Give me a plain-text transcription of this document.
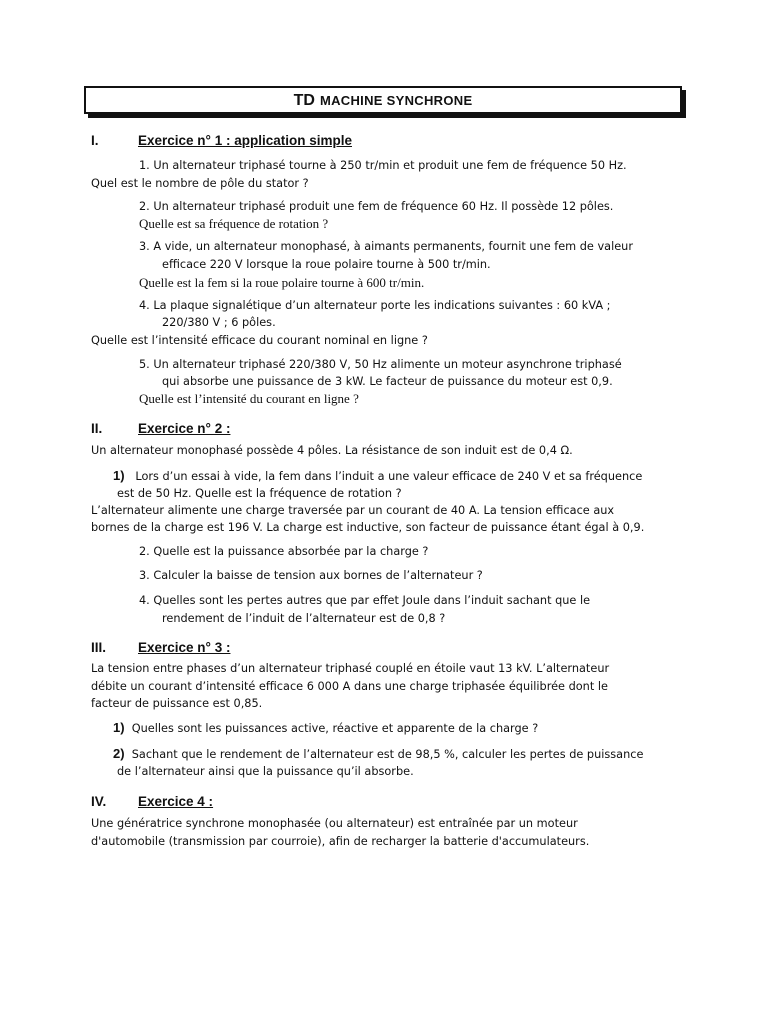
TD MACHINE SYNCHRONE
I.	Exercice n° 1 : application simple
1. Un alternateur triphasé tourne à 250 tr/min et produit une fem de fréquence 50 Hz.
Quel est le nombre de pôle du stator ?
2. Un alternateur triphasé produit une fem de fréquence 60 Hz. Il possède 12 pôles.
Quelle est sa fréquence de rotation ?
3. A vide, un alternateur monophasé, à aimants permanents, fournit une fem de valeur
efficace 220 V lorsque la roue polaire tourne à 500 tr/min.
Quelle est la fem si la roue polaire tourne à 600 tr/min.
4. La plaque signalétique d’un alternateur porte les indications suivantes : 60 kVA ;
220/380 V ; 6 pôles.
Quelle est l’intensité efficace du courant nominal en ligne ?
5. Un alternateur triphasé 220/380 V, 50 Hz alimente un moteur asynchrone triphasé
qui absorbe une puissance de 3 kW. Le facteur de puissance du moteur est 0,9.
Quelle est l’intensité du courant en ligne ?
II.	Exercice n° 2 :
Un alternateur monophasé possède 4 pôles. La résistance de son induit est de 0,4 Ω.
1) Lors d’un essai à vide, la fem dans l’induit a une valeur efficace de 240 V et sa fréquence
est de 50 Hz. Quelle est la fréquence de rotation ?
L’alternateur alimente une charge traversée par un courant de 40 A. La tension efficace aux
bornes de la charge est 196 V. La charge est inductive, son facteur de puissance étant égal à 0,9.
2. Quelle est la puissance absorbée par la charge ?
3. Calculer la baisse de tension aux bornes de l’alternateur ?
4. Quelles sont les pertes autres que par effet Joule dans l’induit sachant que le
rendement de l’induit de l’alternateur est de 0,8 ?
III. Exercice n° 3 :
La tension entre phases d’un alternateur triphasé couplé en étoile vaut 13 kV. L’alternateur
débite un courant d’intensité efficace 6 000 A dans une charge triphasée équilibrée dont le
facteur de puissance est 0,85.
1) Quelles sont les puissances active, réactive et apparente de la charge ?
2) Sachant que le rendement de l’alternateur est de 98,5 %, calculer les pertes de puissance
de l’alternateur ainsi que la puissance qu’il absorbe.
IV. Exercice 4 :
Une génératrice synchrone monophasée (ou alternateur) est entraînée par un moteur
d'automobile (transmission par courroie), afin de recharger la batterie d'accumulateurs.
